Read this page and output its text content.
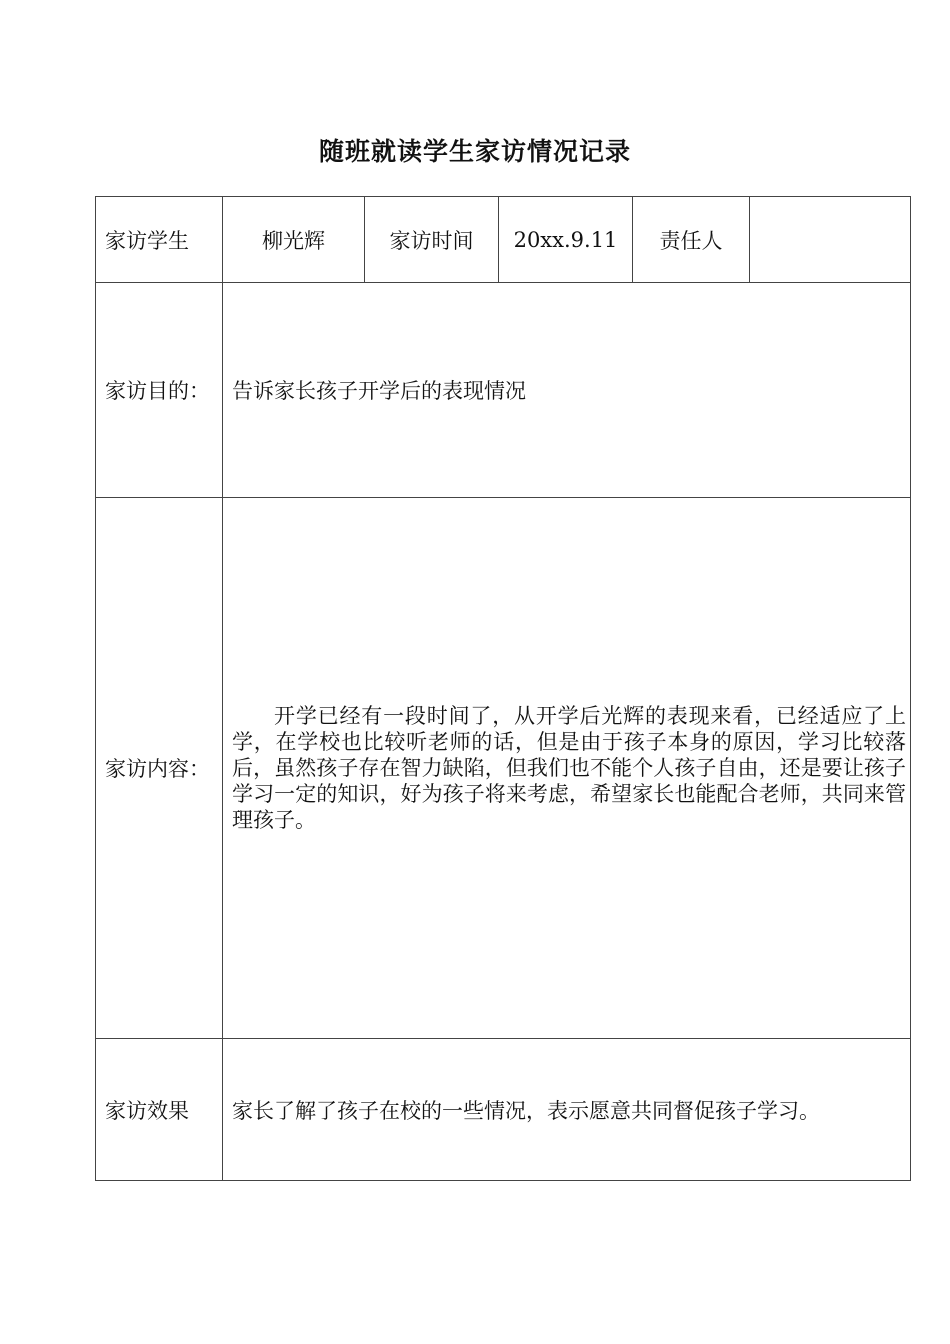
随班就读学生家访情况记录
家访学生	柳光辉	家访时间	20xx.9.11	责任人	
家访目的：	告诉家长孩子开学后的表现情况				
家访内容：	开学已经有一段时间了，从开学后光辉的表现来看，已经适应了上学，在学校也比较听老师的话，但是由于孩子本身的原因，学习比较落后，虽然孩子存在智力缺陷，但我们也不能个人孩子自由，还是要让孩子学习一定的知识，好为孩子将来考虑，希望家长也能配合老师，共同来管理孩子。				
家访效果	家长了解了孩子在校的一些情况，表示愿意共同督促孩子学习。				
